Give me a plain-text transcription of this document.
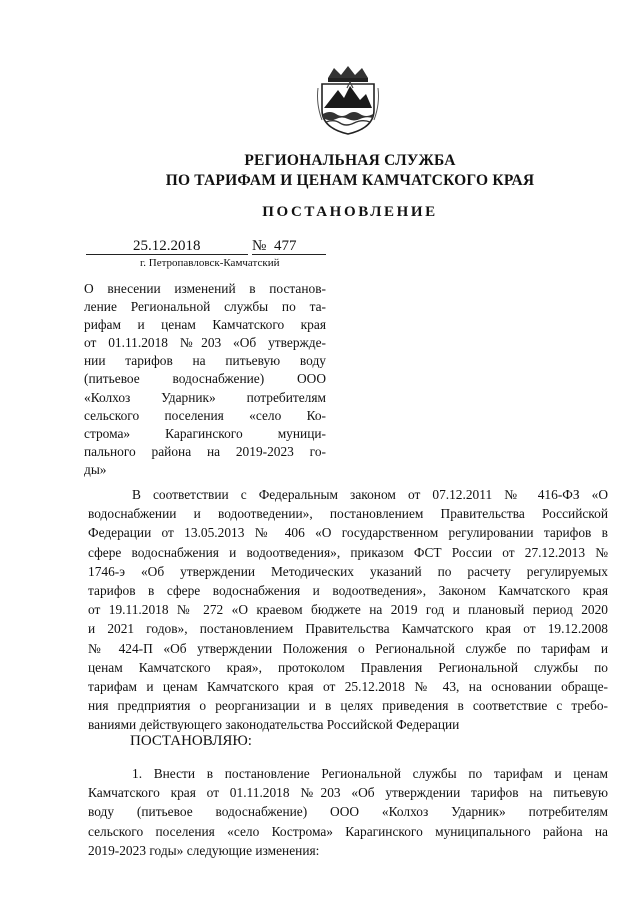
РЕГИОНАЛЬНАЯ СЛУЖБА
ПО ТАРИФАМ И ЦЕНАМ КАМЧАТСКОГО КРАЯ
ПОСТАНОВЛЕНИЕ
25.12.2018	№ 477
г. Петропавловск-Камчатский
О внесении изменений в постанов-
ление Региональной службы по та-
рифам и ценам Камчатского края
от 01.11.2018 №203 «Об утвержде-
нии тарифов на питьевую воду
(питьевое водоснабжение) ООО
«Колхоз Ударник» потребителям
сельского поселения «село Ко-
строма» Карагинского муници-
пального района на 2019-2023 го-
ды»
В соответствии с Федеральным законом от 07.12.2011 № 416-ФЗ «О
водоснабжении и водоотведении», постановлением Правительства Российской
Федерации от 13.05.2013 № 406 «О государственном регулировании тарифов в
сфере водоснабжения и водоотведения», приказом ФСТ России от 27.12.2013 №
1746-э «Об утверждении Методических указаний по расчету регулируемых
тарифов в сфере водоснабжения и водоотведения», Законом Камчатского края
от 19.11.2018 № 272 «О краевом бюджете на 2019 год и плановый период 2020
и 2021 годов», постановлением Правительства Камчатского края от 19.12.2008
№ 424-П «Об утверждении Положения о Региональной службе по тарифам и
ценам Камчатского края», протоколом Правления Региональной службы по
тарифам и ценам Камчатского края от 25.12.2018 № 43, на основании обраще-
ния предприятия о реорганизации и в целях приведения в соответствие с требо-
ваниями действующего законодательства Российской Федерации
ПОСТАНОВЛЯЮ:
1. Внести в постановление Региональной службы по тарифам и ценам
Камчатского края от 01.11.2018 №203 «Об утверждении тарифов на питьевую
воду (питьевое водоснабжение) ООО «Колхоз Ударник» потребителям
сельского поселения «село Кострома» Карагинского муниципального района на
2019-2023 годы» следующие изменения:
